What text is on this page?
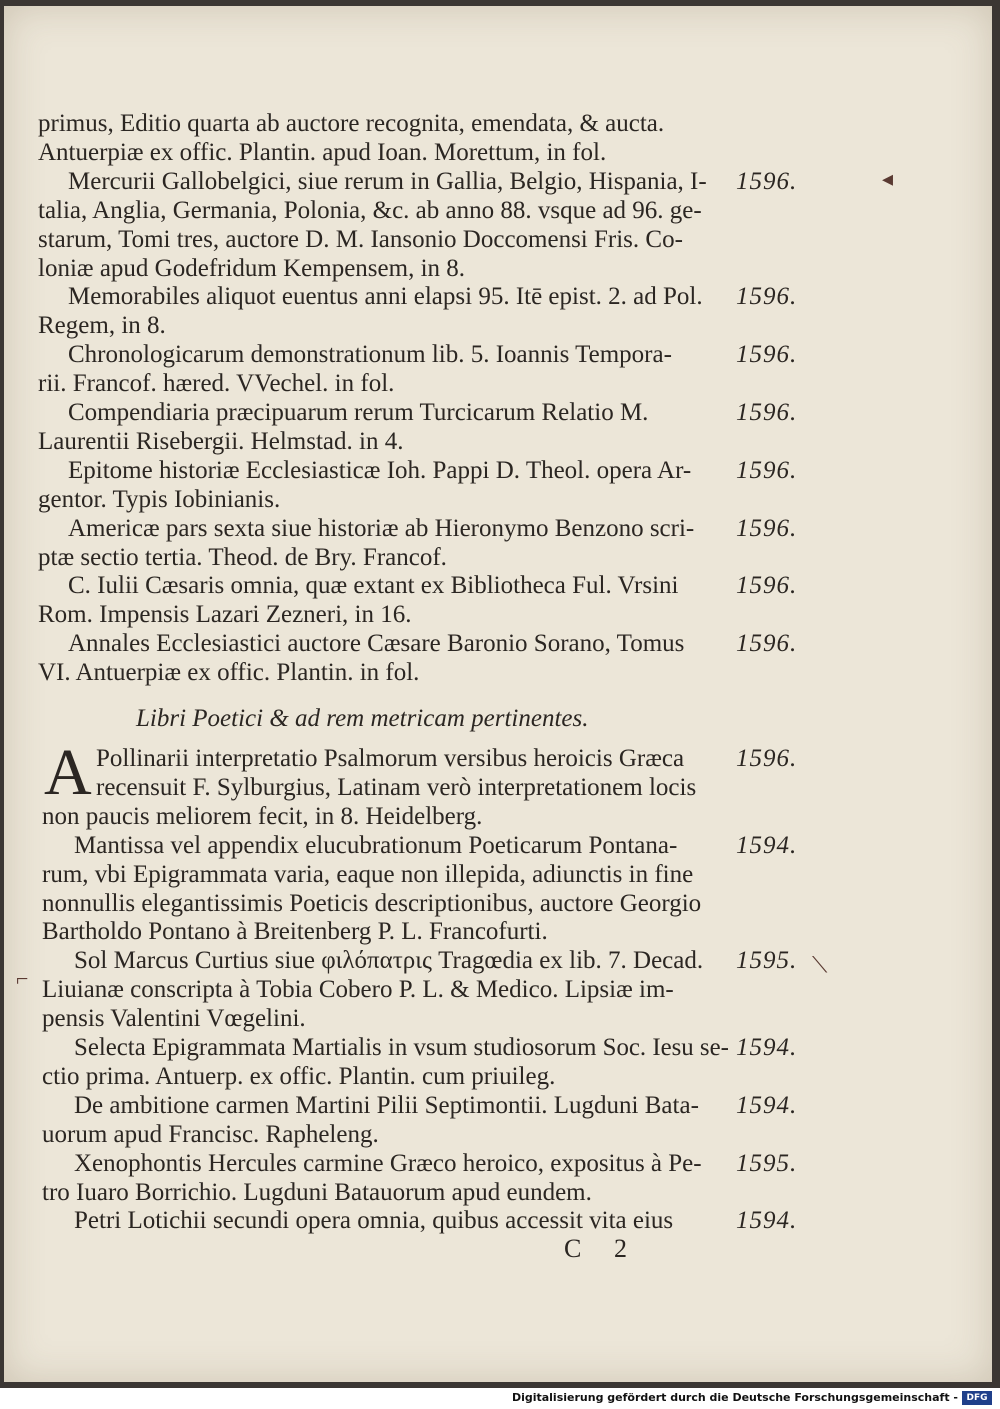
primus, Editio quarta ab auctore recognita, emendata, & aucta.
Antuerpiæ ex offic. Plantin. apud Ioan. Morettum, in fol.
Mercurii Gallobelgici, siue rerum in Gallia, Belgio, Hispania, I- 1596.
talia, Anglia, Germania, Polonia, &c. ab anno 88. vsque ad 96. ge-
starum, Tomi tres, auctore D. M. Iansonio Doccomensi Fris. Co-
loniæ apud Godefridum Kempensem, in 8.
Memorabiles aliquot euentus anni elapsi 95. Itē epist. 2. ad Pol. 1596.
Regem, in 8.
Chronologicarum demonstrationum lib. 5. Ioannis Tempora-	1596.
rii. Francof. hæred. VVechel. in fol.
Compendiaria præcipuarum rerum Turcicarum Relatio M.	1596.
Laurentii Risebergii. Helmstad. in 4.
Epitome historiæ Ecclesiasticæ Ioh. Pappi D. Theol. opera Ar- 1596.
gentor. Typis Iobinianis.
Americæ pars sexta siue historiæ ab Hieronymo Benzono scri- 1596.
ptæ sectio tertia. Theod. de Bry. Francof.
C. Iulii Cæsaris omnia, quæ extant ex Bibliotheca Ful. Vrsini 1596.
Rom. Impensis Lazari Zezneri, in 16.
Annales Ecclesiastici auctore Cæsare Baronio Sorano, Tomus 1596.
VI. Antuerpiæ ex offic. Plantin. in fol.
Libri Poetici & ad rem metricam pertinentes.
A Pollinarii interpretatio Psalmorum versibus heroicis Græca 1596.
recensuit F. Sylburgius, Latinam verò interpretationem locis
non paucis meliorem fecit, in 8. Heidelberg.
Mantissa vel appendix elucubrationum Poeticarum Pontana- 1594.
rum, vbi Epigrammata varia, eaque non illepida, adiunctis in fine
nonnullis elegantissimis Poeticis descriptionibus, auctore Georgio
Bartholdo Pontano à Breitenberg P. L. Francofurti.
Sol Marcus Curtius siue φιλόπατρις Tragœdia ex lib. 7. Decad. 1595.
Liuianæ conscripta à Tobia Cobero P. L. & Medico. Lipsiæ im-
pensis Valentini Vœgelini.
Selecta Epigrammata Martialis in vsum studiosorum Soc. Iesu se- 1594.
ctio prima. Antuerp. ex offic. Plantin. cum priuileg.
De ambitione carmen Martini Pilii Septimontii. Lugduni Bata- 1594.
uorum apud Francisc. Rapheleng.
Xenophontis Hercules carmine Græco heroico, expositus à Pe- 1595.
tro Iuaro Borrichio. Lugduni Batauorum apud eundem.
Petri Lotichii secundi opera omnia, quibus accessit vita eius	1594.
C 2
◂
⟍
⌐
Digitalisierung gefördert durch die Deutsche Forschungsgemeinschaft - DFG
